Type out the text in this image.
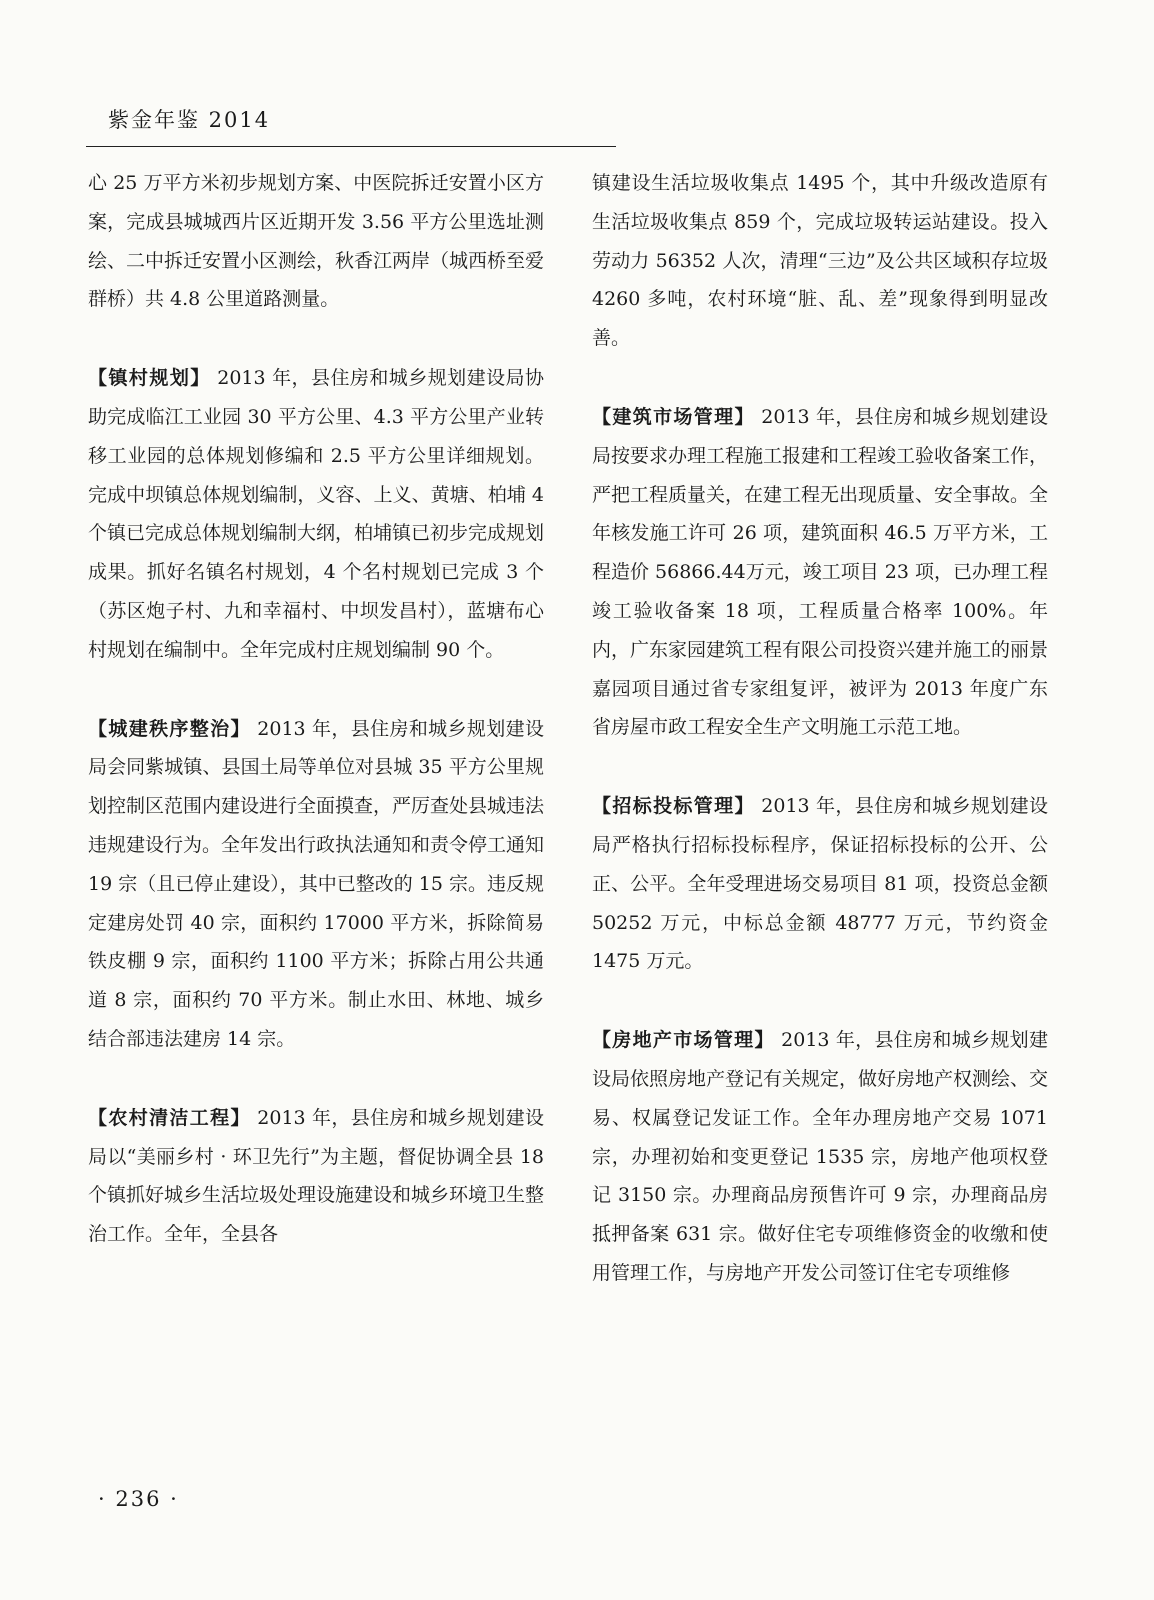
紫金年鉴 2014

心 25 万平方米初步规划方案、中医院拆迁安置小区方案，完成县城城西片区近期开发 3.56 平方公里选址测绘、二中拆迁安置小区测绘，秋香江两岸（城西桥至爱群桥）共 4.8 公里道路测量。

【镇村规划】 2013 年，县住房和城乡规划建设局协助完成临江工业园 30 平方公里、4.3 平方公里产业转移工业园的总体规划修编和 2.5 平方公里详细规划。完成中坝镇总体规划编制，义容、上义、黄塘、柏埔 4 个镇已完成总体规划编制大纲，柏埔镇已初步完成规划成果。抓好名镇名村规划，4 个名村规划已完成 3 个（苏区炮子村、九和幸福村、中坝发昌村），蓝塘布心村规划在编制中。全年完成村庄规划编制 90 个。

【城建秩序整治】 2013 年，县住房和城乡规划建设局会同紫城镇、县国土局等单位对县城 35 平方公里规划控制区范围内建设进行全面摸查，严厉查处县城违法违规建设行为。全年发出行政执法通知和责令停工通知 19 宗（且已停止建设），其中已整改的 15 宗。违反规定建房处罚 40 宗，面积约 17000 平方米，拆除简易铁皮棚 9 宗，面积约 1100 平方米；拆除占用公共通道 8 宗，面积约 70 平方米。制止水田、林地、城乡结合部违法建房 14 宗。

【农村清洁工程】 2013 年，县住房和城乡规划建设局以“美丽乡村 · 环卫先行”为主题，督促协调全县 18 个镇抓好城乡生活垃圾处理设施建设和城乡环境卫生整治工作。全年，全县各

镇建设生活垃圾收集点 1495 个，其中升级改造原有生活垃圾收集点 859 个，完成垃圾转运站建设。投入劳动力 56352 人次，清理“三边”及公共区域积存垃圾 4260 多吨，农村环境“脏、乱、差”现象得到明显改善。

【建筑市场管理】 2013 年，县住房和城乡规划建设局按要求办理工程施工报建和工程竣工验收备案工作，严把工程质量关，在建工程无出现质量、安全事故。全年核发施工许可 26 项，建筑面积 46.5 万平方米，工程造价 56866.44万元，竣工项目 23 项，已办理工程竣工验收备案 18 项，工程质量合格率 100%。年内，广东家园建筑工程有限公司投资兴建并施工的丽景嘉园项目通过省专家组复评，被评为 2013 年度广东省房屋市政工程安全生产文明施工示范工地。

【招标投标管理】 2013 年，县住房和城乡规划建设局严格执行招标投标程序，保证招标投标的公开、公正、公平。全年受理进场交易项目 81 项，投资总金额 50252 万元，中标总金额 48777 万元，节约资金 1475 万元。

【房地产市场管理】 2013 年，县住房和城乡规划建设局依照房地产登记有关规定，做好房地产权测绘、交易、权属登记发证工作。全年办理房地产交易 1071 宗，办理初始和变更登记 1535 宗，房地产他项权登记 3150 宗。办理商品房预售许可 9 宗，办理商品房抵押备案 631 宗。做好住宅专项维修资金的收缴和使用管理工作，与房地产开发公司签订住宅专项维修

· 236 ·
